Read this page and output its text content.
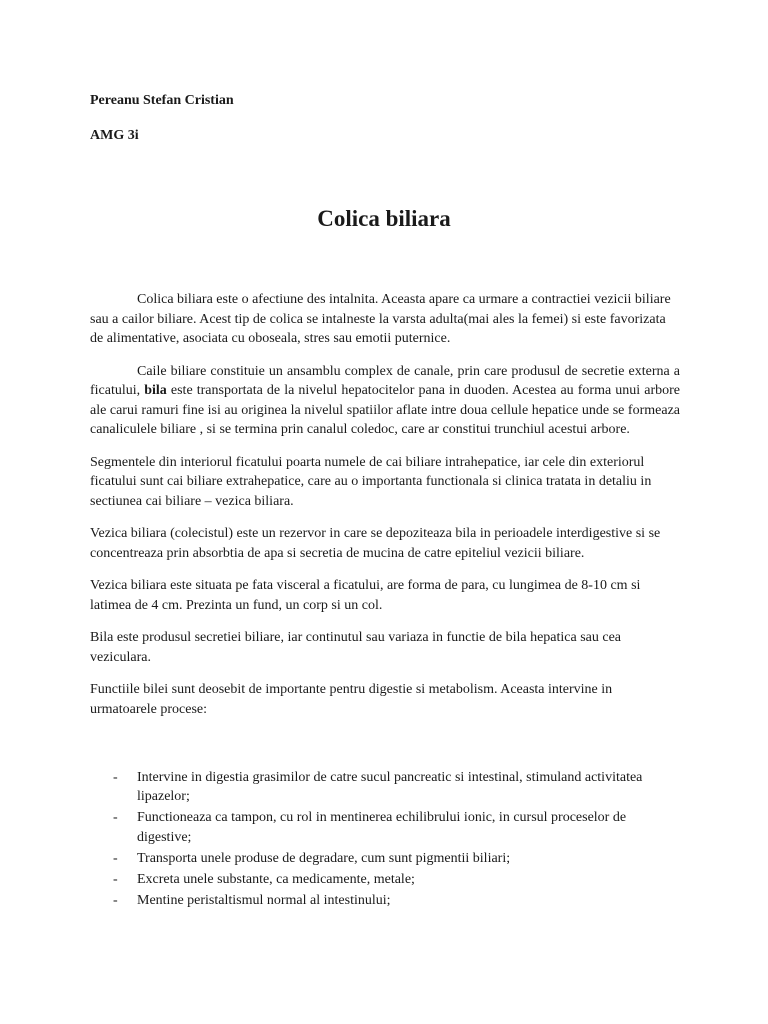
Pereanu Stefan Cristian

AMG 3i

Colica biliara

Colica biliara este o afectiune des intalnita. Aceasta apare ca urmare a contractiei vezicii biliare sau a cailor biliare. Acest tip de colica se intalneste la varsta adulta(mai ales la femei) si este favorizata de alimentative, asociata cu oboseala, stres sau emotii puternice.

Caile biliare constituie un ansamblu complex de canale, prin care produsul de secretie externa a ficatului, bila este transportata de la nivelul hepatocitelor pana in duoden. Acestea au forma unui arbore ale carui ramuri fine isi au originea la nivelul spatiilor aflate intre doua cellule hepatice unde se formeaza canaliculele biliare , si se termina prin canalul coledoc, care ar constitui trunchiul acestui arbore.

Segmentele din interiorul ficatului poarta numele de cai biliare intrahepatice, iar cele din exteriorul ficatului sunt cai biliare extrahepatice, care au o importanta functionala si clinica tratata in detaliu in sectiunea cai biliare – vezica biliara.

Vezica biliara (colecistul) este un rezervor in care se depoziteaza bila in perioadele interdigestive si se concentreaza prin absorbtia de apa si secretia de mucina de catre epiteliul vezicii biliare.

Vezica biliara este situata pe fata visceral a ficatului, are forma de para, cu lungimea de 8-10 cm si latimea de 4 cm. Prezinta un fund, un corp si un col.

Bila este produsul secretiei biliare, iar continutul sau variaza in functie de bila hepatica sau cea veziculara.

Functiile bilei sunt deosebit de importante pentru digestie si metabolism. Aceasta intervine in urmatoarele procese:

- Intervine in digestia grasimilor de catre sucul pancreatic si intestinal, stimuland activitatea lipazelor;
- Functioneaza ca tampon, cu rol in mentinerea echilibrului ionic, in cursul proceselor de digestive;
- Transporta unele produse de degradare, cum sunt pigmentii biliari;
- Excreta unele substante, ca medicamente, metale;
- Mentine peristaltismul normal al intestinului;
